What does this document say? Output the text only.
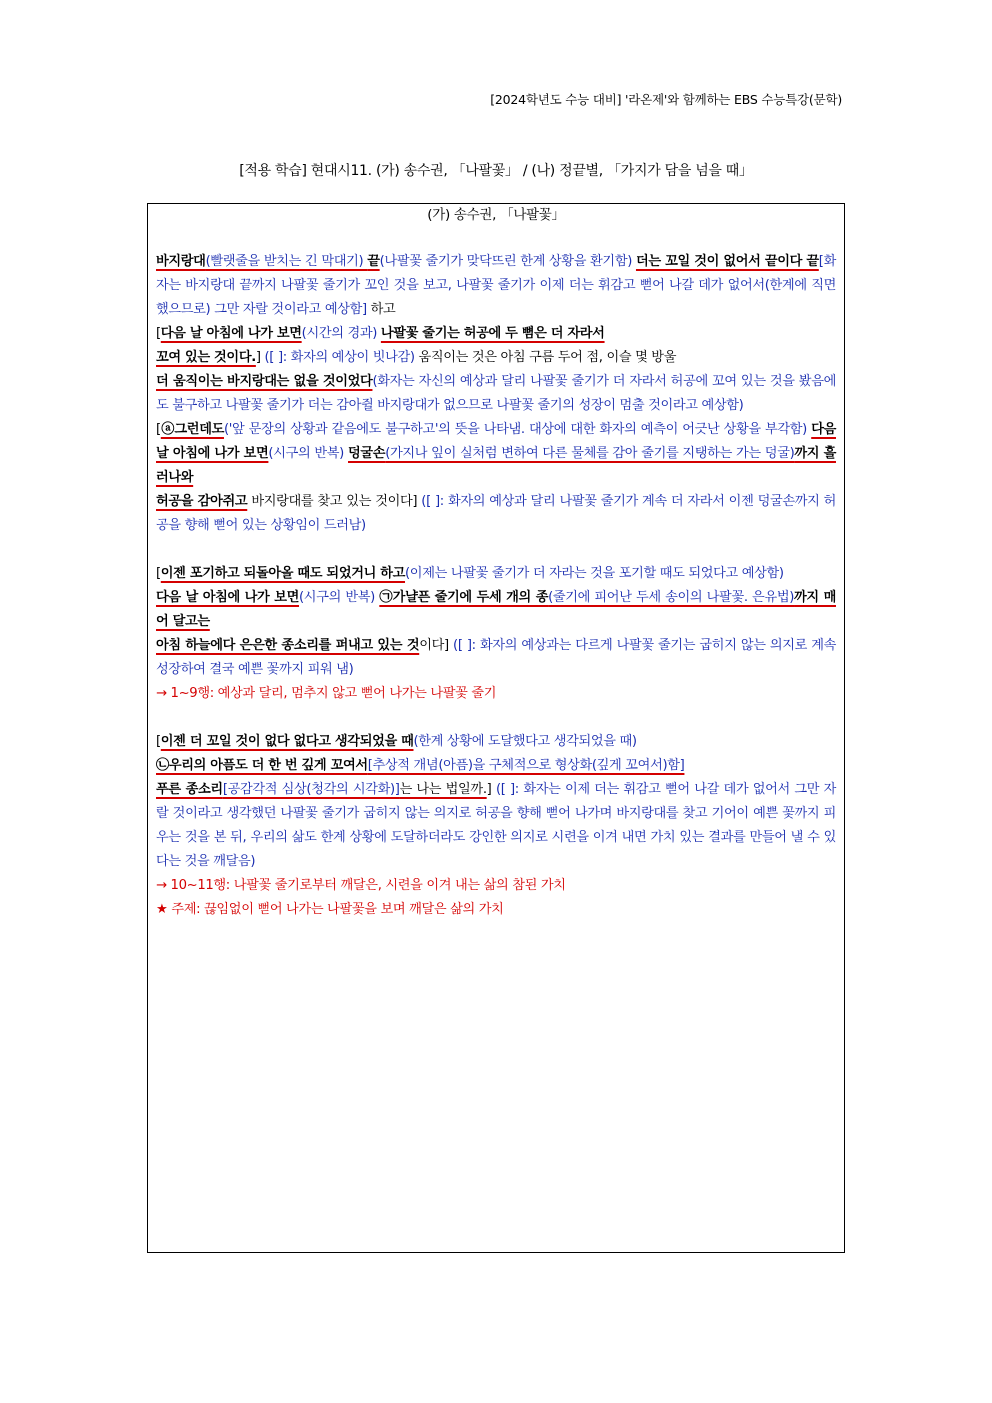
[2024학년도 수능 대비] '라온제'와 함께하는 EBS 수능특강(문학)
[적용 학습] 현대시11. (가) 송수권, 「나팔꽃」 / (나) 정끝별, 「가지가 담을 넘을 때」
(가) 송수권, 「나팔꽃」

바지랑대(빨랫줄을 받치는 긴 막대기) 끝(나팔꽃 줄기가 맞닥뜨린 한계 상황을 환기함) 더는 꼬일 것이 없어서 끝이다 끝[화자는 바지랑대 끝까지 나팔꽃 줄기가 꼬인 것을 보고, 나팔꽃 줄기가 이제 더는 휘감고 뻗어 나갈 데가 없어서(한계에 직면했으므로) 그만 자랄 것이라고 예상함] 하고
[다음 날 아침에 나가 보면(시간의 경과) 나팔꽃 줄기는 허공에 두 뼘은 더 자라서
꼬여 있는 것이다.] ([ ]: 화자의 예상이 빗나감) 움직이는 것은 아침 구름 두어 점, 이슬 몇 방울
더 움직이는 바지랑대는 없을 것이었다(화자는 자신의 예상과 달리 나팔꽃 줄기가 더 자라서 허공에 꼬여 있는 것을 봤음에도 불구하고 나팔꽃 줄기가 더는 감아쥘 바지랑대가 없으므로 나팔꽃 줄기의 성장이 멈출 것이라고 예상함)

[ⓐ그런데도('앞 문장의 상황과 같음에도 불구하고'의 뜻을 나타냄. 대상에 대한 화자의 예측이 어긋난 상황을 부각함) 다음 날 아침에 나가 보면(시구의 반복) 덩굴손(가지나 잎이 실처럼 변하여 다른 물체를 감아 줄기를 지탱하는 가는 덩굴)까지 흘러나와
허공을 감아쥐고 바지랑대를 찾고 있는 것이다] ([ ]: 화자의 예상과 달리 나팔꽃 줄기가 계속 더 자라서 이젠 덩굴손까지 허공을 향해 뻗어 있는 상황임이 드러남)

[이젠 포기하고 되돌아올 때도 되었거니 하고(이제는 나팔꽃 줄기가 더 자라는 것을 포기할 때도 되었다고 예상함)
다음 날 아침에 나가 보면(시구의 반복) ㉠가냘픈 줄기에 두세 개의 종(줄기에 피어난 두세 송이의 나팔꽃. 은유법)까지 매어 달고는
아침 하늘에다 은은한 종소리를 퍼내고 있는 것이다] ([ ]: 화자의 예상과는 다르게 나팔꽃 줄기는 굽히지 않는 의지로 계속 성장하여 결국 예쁜 꽃까지 피워 냄)
→ 1~9행: 예상과 달리, 멈추지 않고 뻗어 나가는 나팔꽃 줄기

[이젠 더 꼬일 것이 없다 없다고 생각되었을 때(한계 상황에 도달했다고 생각되었을 때)
㉡우리의 아픔도 더 한 번 깊게 꼬여서[추상적 개념(아픔)을 구체적으로 형상화(깊게 꼬여서)함]
푸른 종소리[공감각적 심상(청각의 시각화)]는 나는 법일까.] ([ ]: 화자는 이제 더는 휘감고 뻗어 나갈 데가 없어서 그만 자랄 것이라고 생각했던 나팔꽃 줄기가 굽히지 않는 의지로 허공을 향해 뻗어 나가며 바지랑대를 찾고 기어이 예쁜 꽃까지 피우는 것을 본 뒤, 우리의 삶도 한계 상황에 도달하더라도 강인한 의지로 시련을 이겨 내면 가치 있는 결과를 만들어 낼 수 있다는 것을 깨달음)
→ 10~11행: 나팔꽃 줄기로부터 깨달은, 시련을 이겨 내는 삶의 참된 가치
★ 주제: 끊임없이 뻗어 나가는 나팔꽃을 보며 깨달은 삶의 가치
